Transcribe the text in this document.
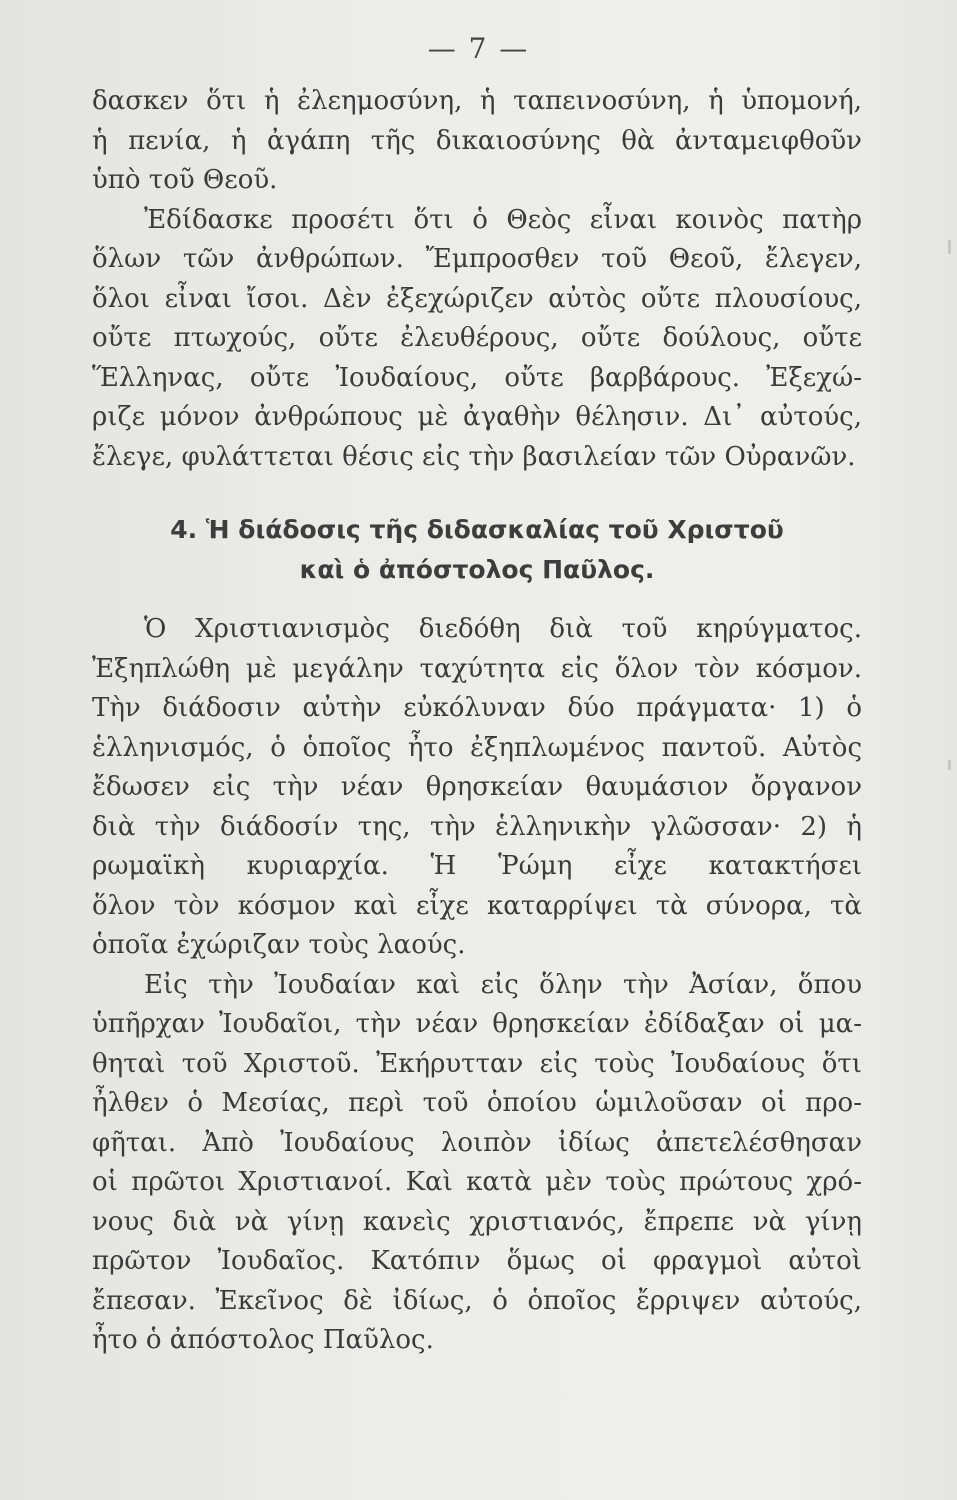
— 7 —
δασκεν ὅτι ἡ ἐλεημοσύνη, ἡ ταπεινοσύνη, ἡ ὑπομονή,
ἡ πενία, ἡ ἀγάπη τῆς δικαιοσύνης θὰ ἀνταμειφθοῦν
ὑπὸ τοῦ Θεοῦ.
Ἐδίδασκε προσέτι ὅτι ὁ Θεὸς εἶναι κοινὸς πατὴρ
ὅλων τῶν ἀνθρώπων. Ἔμπροσθεν τοῦ Θεοῦ, ἔλεγεν,
ὅλοι εἶναι ἴσοι. Δὲν ἐξεχώριζεν αὐτὸς οὔτε πλουσίους,
οὔτε πτωχούς, οὔτε ἐλευθέρους, οὔτε δούλους, οὔτε
Ἕλληνας, οὔτε Ἰουδαίους, οὔτε βαρβάρους. Ἐξεχώ-
ριζε μόνον ἀνθρώπους μὲ ἀγαθὴν θέλησιν. Δι᾽ αὐτούς,
ἔλεγε, φυλάττεται θέσις εἰς τὴν βασιλείαν τῶν Οὐρανῶν.
4. Ἡ διάδοσις τῆς διδασκαλίας τοῦ Χριστοῦ
καὶ ὁ ἀπόστολος Παῦλος.
Ὁ Χριστιανισμὸς διεδόθη διὰ τοῦ κηρύγματος.
Ἐξηπλώθη μὲ μεγάλην ταχύτητα εἰς ὅλον τὸν κόσμον.
Τὴν διάδοσιν αὐτὴν εὐκόλυναν δύο πράγματα· 1) ὁ
ἑλληνισμός, ὁ ὁποῖος ἦτο ἐξηπλωμένος παντοῦ. Αὐτὸς
ἔδωσεν εἰς τὴν νέαν θρησκείαν θαυμάσιον ὄργανον
διὰ τὴν διάδοσίν της, τὴν ἑλληνικὴν γλῶσσαν· 2) ἡ
ρωμαϊκὴ κυριαρχία. Ἡ Ῥώμη εἶχε κατακτήσει
ὅλον τὸν κόσμον καὶ εἶχε καταρρίψει τὰ σύνορα, τὰ
ὁποῖα ἐχώριζαν τοὺς λαούς.
Εἰς τὴν Ἰουδαίαν καὶ εἰς ὅλην τὴν Ἀσίαν, ὅπου
ὑπῆρχαν Ἰουδαῖοι, τὴν νέαν θρησκείαν ἐδίδαξαν οἱ μα-
θηταὶ τοῦ Χριστοῦ. Ἐκήρυτταν εἰς τοὺς Ἰουδαίους ὅτι
ἦλθεν ὁ Μεσίας, περὶ τοῦ ὁποίου ὡμιλοῦσαν οἱ προ-
φῆται. Ἀπὸ Ἰουδαίους λοιπὸν ἰδίως ἀπετελέσθησαν
οἱ πρῶτοι Χριστιανοί. Καὶ κατὰ μὲν τοὺς πρώτους χρό-
νους διὰ νὰ γίνῃ κανεὶς χριστιανός, ἔπρεπε νὰ γίνῃ
πρῶτον Ἰουδαῖος. Κατόπιν ὅμως οἱ φραγμοὶ αὐτοὶ
ἔπεσαν. Ἐκεῖνος δὲ ἰδίως, ὁ ὁποῖος ἔρριψεν αὐτούς,
ἦτο ὁ ἀπόστολος Παῦλος.
